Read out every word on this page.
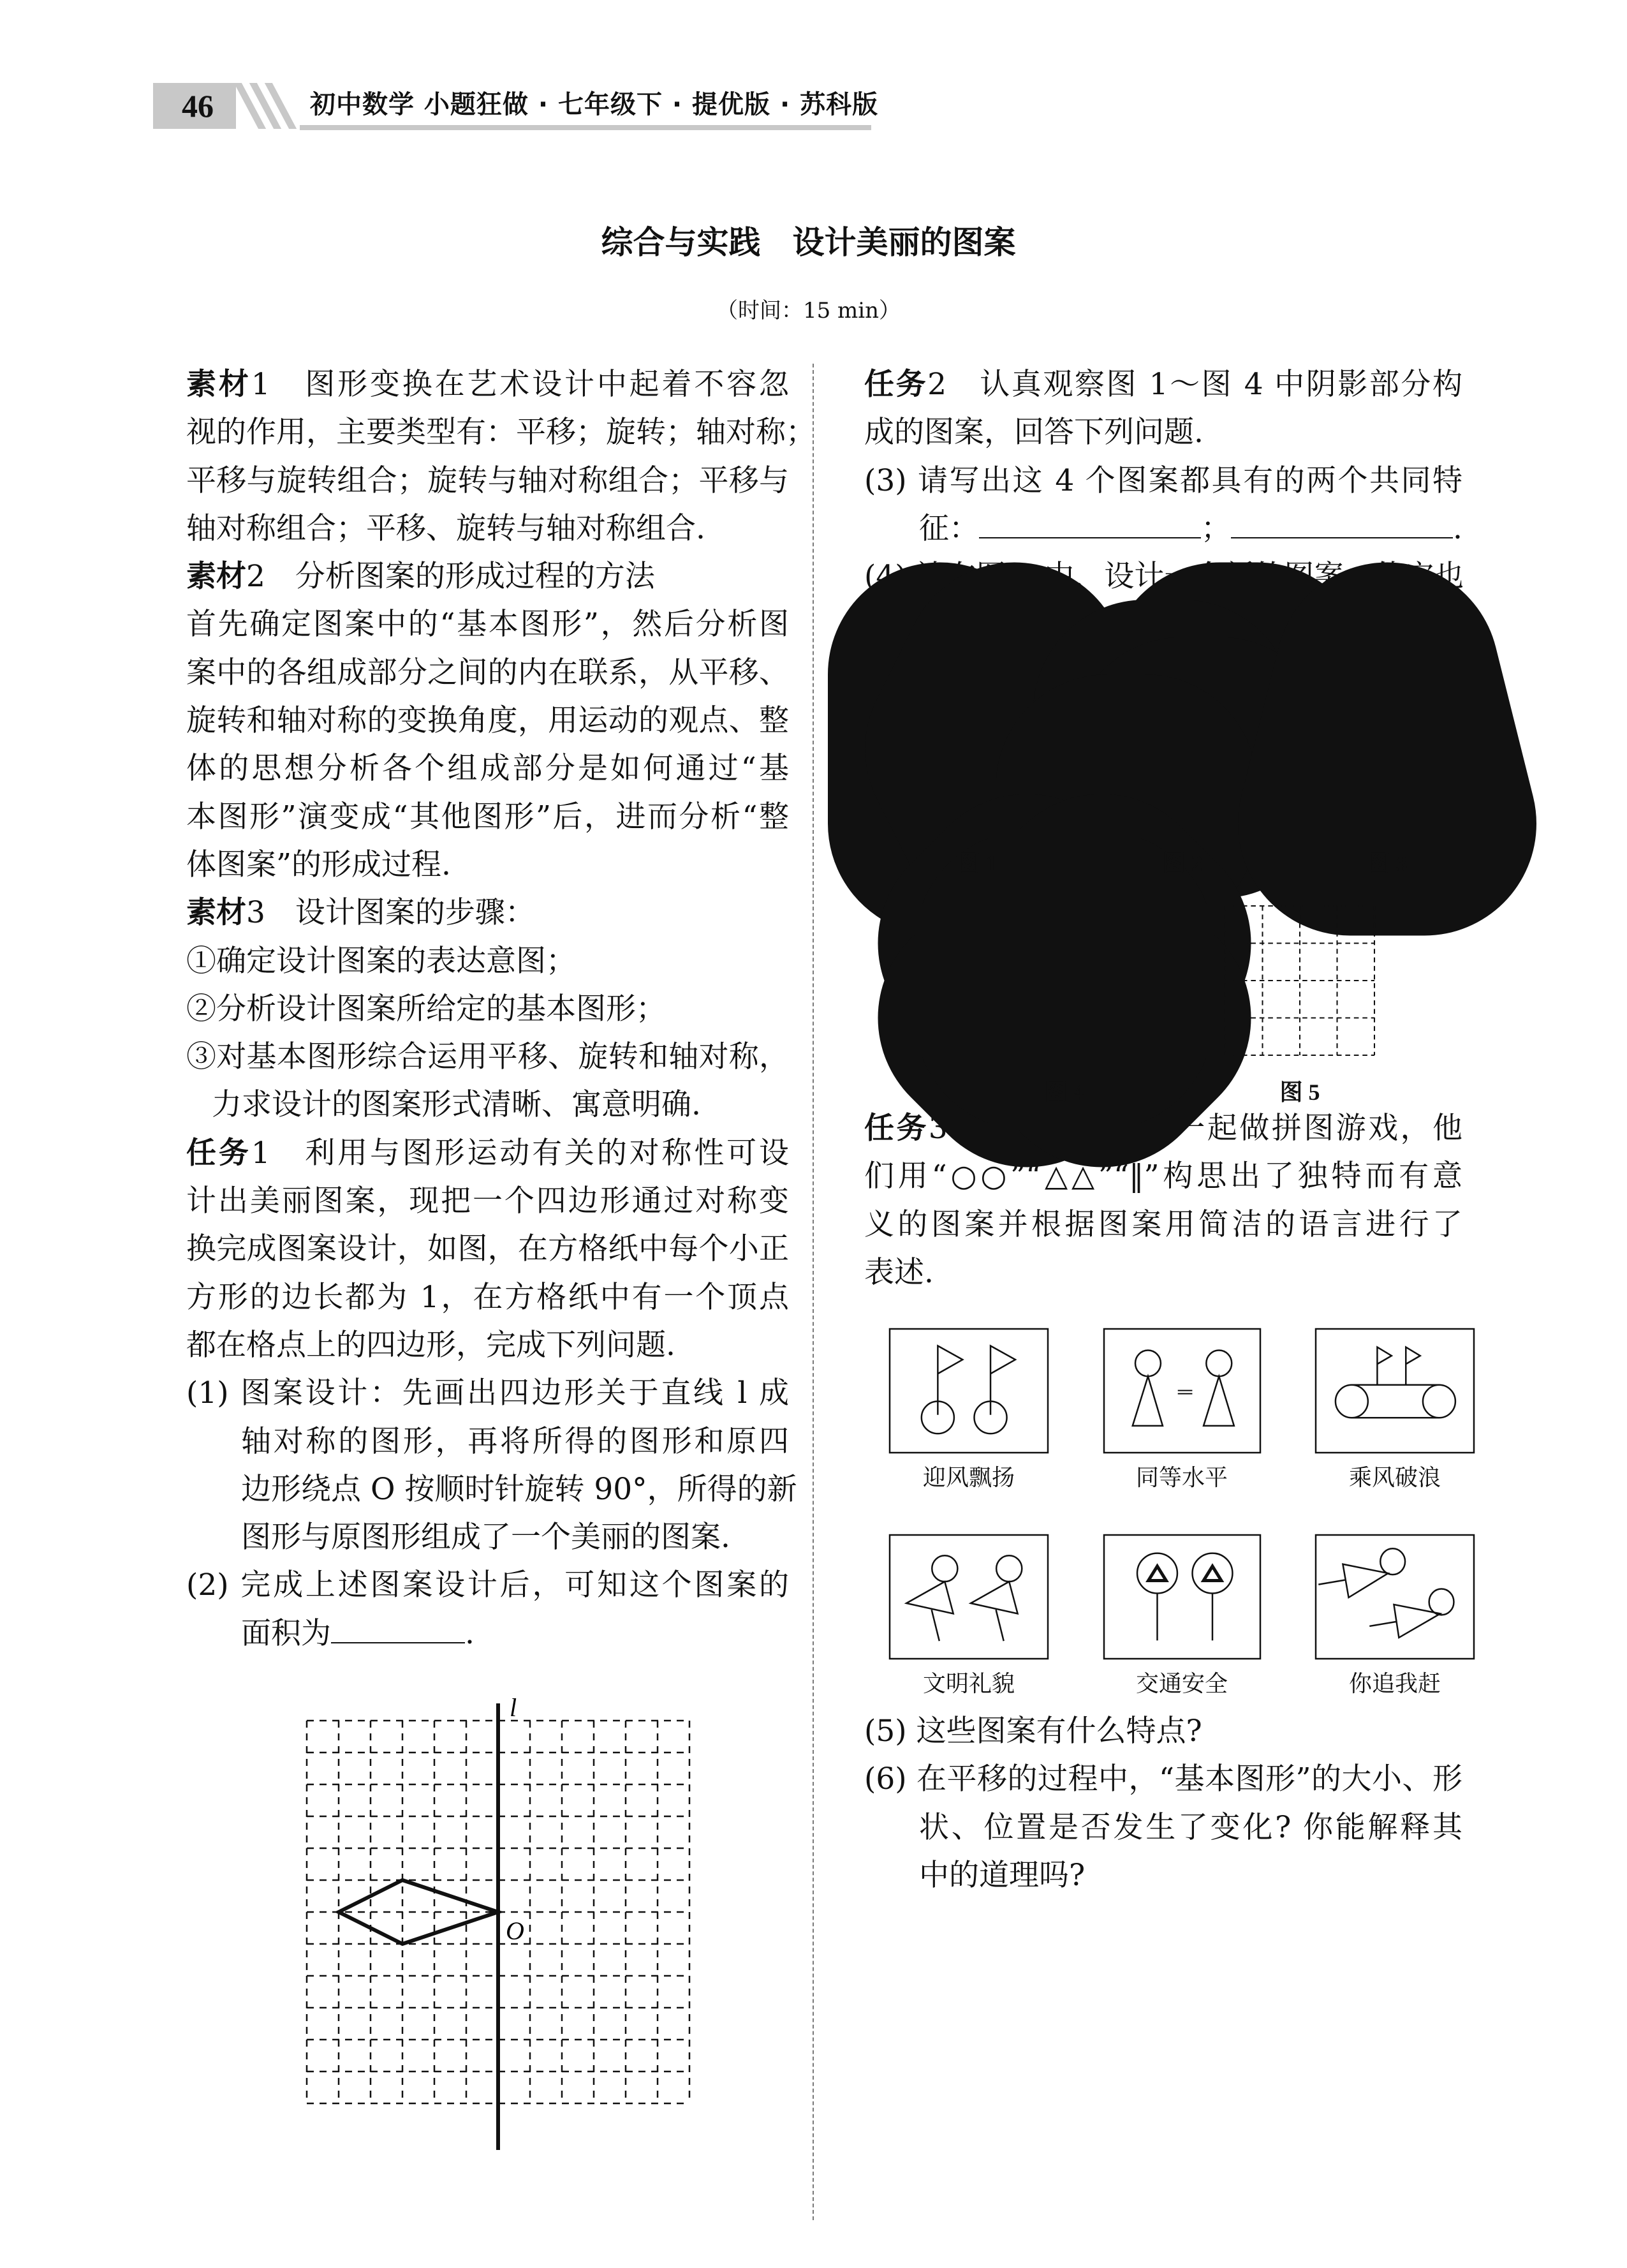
46	初中数学 小题狂做 · 七年级下 · 提优版 · 苏科版
综合与实践　设计美丽的图案
（时间：15 min）
素材1　图形变换在艺术设计中起着不容忽
视的作用，主要类型有：平移；旋转；轴对称；
平移与旋转组合；旋转与轴对称组合；平移与
轴对称组合；平移、旋转与轴对称组合.
素材2　分析图案的形成过程的方法
首先确定图案中的“基本图形”，然后分析图
案中的各组成部分之间的内在联系，从平移、
旋转和轴对称的变换角度，用运动的观点、整
体的思想分析各个组成部分是如何通过“基
本图形”演变成“其他图形”后，进而分析“整
体图案”的形成过程.
素材3　设计图案的步骤：
①确定设计图案的表达意图；
②分析设计图案所给定的基本图形；
③对基本图形综合运用平移、旋转和轴对称，
力求设计的图案形式清晰、寓意明确.
任务1　利用与图形运动有关的对称性可设
计出美丽图案，现把一个四边形通过对称变
换完成图案设计，如图，在方格纸中每个小正
方形的边长都为 1，在方格纸中有一个顶点
都在格点上的四边形，完成下列问题.
(1) 图案设计：先画出四边形关于直线 l 成
轴对称的图形，再将所得的图形和原四
边形绕点 O 按顺时针旋转 90°，所得的新
图形与原图形组成了一个美丽的图案.
(2) 完成上述图案设计后，可知这个图案的
面积为	.
任务2　认真观察图 1～图 4 中阴影部分构
成的图案，回答下列问题.
(3) 请写出这 4 个图案都具有的两个共同特
征：	；	.
(4) 请在图 5 中，设计一个新的图案，使它也
任务3　小宁和婷婷在一起做拼图游戏，他
们用“○○”“△△”“‖”构思出了独特而有意
义的图案并根据图案用简洁的语言进行了
表述.
(5) 这些图案有什么特点?
(6) 在平移的过程中，“基本图形”的大小、形
状、位置是否发生了变化? 你能解释其
中的道理吗?
l
O
图 1	图 2	图 3
图 4	图 5
=
迎风飘扬	同等水平	乘风破浪
文明礼貌	交通安全	你追我赶
